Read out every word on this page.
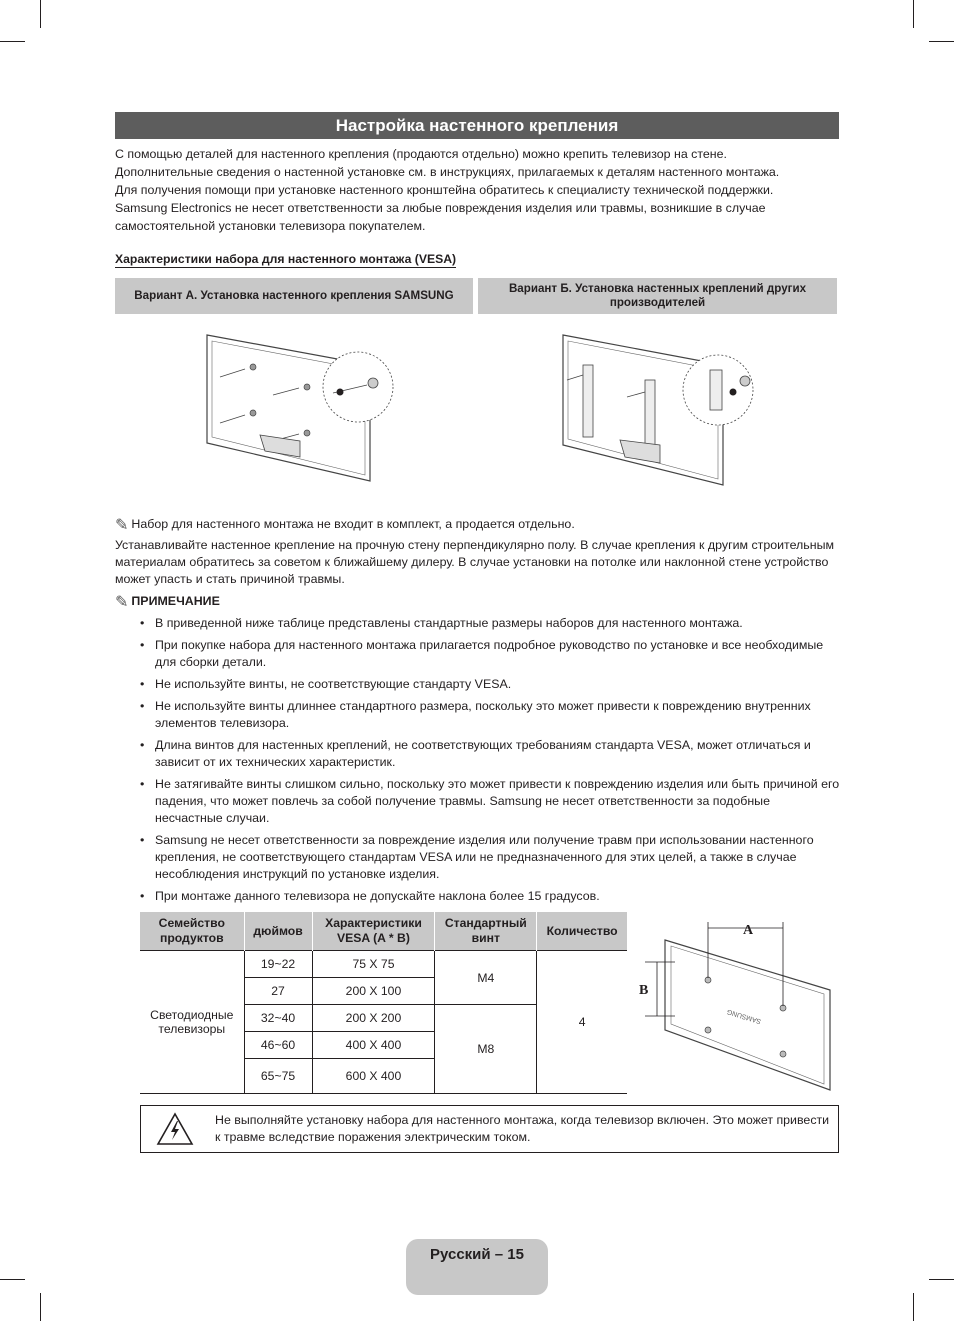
Настройка настенного крепления

С помощью деталей для настенного крепления (продаются отдельно) можно крепить телевизор на стене.

Дополнительные сведения о настенной установке см. в инструкциях, прилагаемых к деталям настенного монтажа.

Для получения помощи при установке настенного кронштейна обратитесь к специалисту технической поддержки.

Samsung Electronics не несет ответственности за любые повреждения изделия или травмы, возникшие в случае самостоятельной установки телевизора покупателем.

Характеристики набора для настенного монтажа (VESA)
Вариант A. Установка настенного крепления SAMSUNG
Вариант Б. Установка настенных креплений других производителей
✎ Набор для настенного монтажа не входит в комплект, а продается отдельно.
Устанавливайте настенное крепление на прочную стену перпендикулярно полу. В случае крепления к другим строительным материалам обратитесь за советом к ближайшему дилеру. В случае установки на потолке или наклонной стене устройство может упасть и стать причиной травмы.
✎ ПРИМЕЧАНИЕ
• В приведенной ниже таблице представлены стандартные размеры наборов для настенного монтажа.
• При покупке набора для настенного монтажа прилагается подробное руководство по установке и все необходимые для сборки детали.
• Не используйте винты, не соответствующие стандарту VESA.
• Не используйте винты длиннее стандартного размера, поскольку это может привести к повреждению внутренних элементов телевизора.
• Длина винтов для настенных креплений, не соответствующих требованиям стандарта VESA, может отличаться и зависит от их технических характеристик.
• Не затягивайте винты слишком сильно, поскольку это может привести к повреждению изделия или быть причиной его падения, что может повлечь за собой получение травмы. Samsung не несет ответственности за подобные несчастные случаи.
• Samsung не несет ответственности за повреждение изделия или получение травм при использовании настенного крепления, не соответствующего стандартам VESA или не предназначенного для этих целей, а также в случае несоблюдения инструкций по установке изделия.
• При монтаже данного телевизора не допускайте наклона более 15 градусов.
Семейство продуктов	дюймов	Характеристики VESA (A * B)	Стандартный винт	Количество
Светодиодные телевизоры	19~22	75 X 75	M4	4
	27	200 X 100		
	32~40	200 X 200	M8	
	46~60	400 X 400		
	65~75	600 X 400		
A
B
SAMSUNG
Не выполняйте установку набора для настенного монтажа, когда телевизор включен. Это может привести к травме вследствие поражения электрическим током.
Русский – 15
